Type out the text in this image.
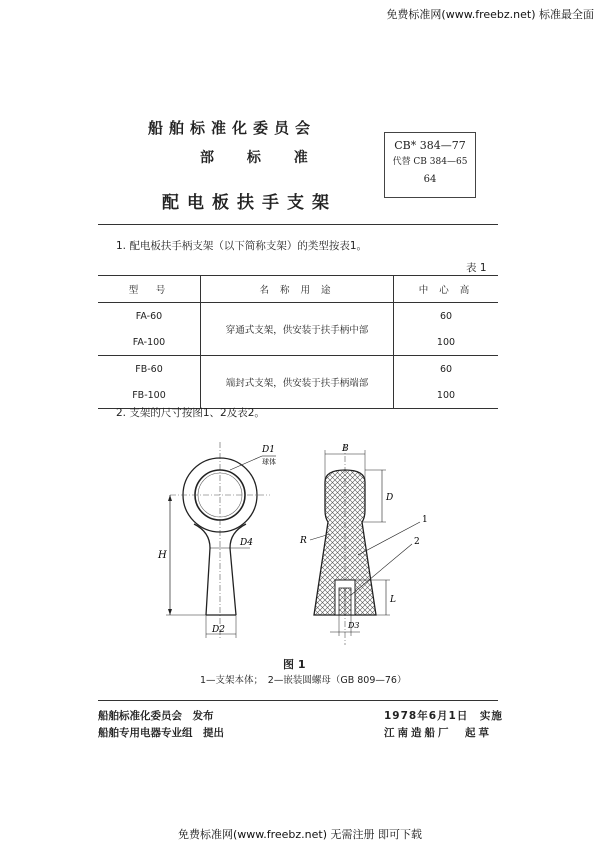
免费标准网(www.freebz.net) 标准最全面
船舶标准化委员会
部 标 准
配电板扶手支架
CB* 384—77
代替 CB 384—65
64
1. 配电板扶手柄支架（以下简称支架）的类型按表1。
表 1
型　号	名 称 用 途	中 心 高
FA-60	穿通式支架，供安装于扶手柄中部	60
FA-100		100
FB-60	端封式支架，供安装于扶手柄端部	60
FB-100		100
2. 支架的尺寸按图1、2及表2。
H
D1
球体
D4
D2
B
D
R
1
2
L
D3
图 1
1—支架本体；　2—嵌装圆螺母（GB 809—76）
船舶标准化委员会　发布
船舶专用电器专业组　提出
1978年6月1日　实施
江南造船厂　起草
免费标准网(www.freebz.net) 无需注册 即可下载
